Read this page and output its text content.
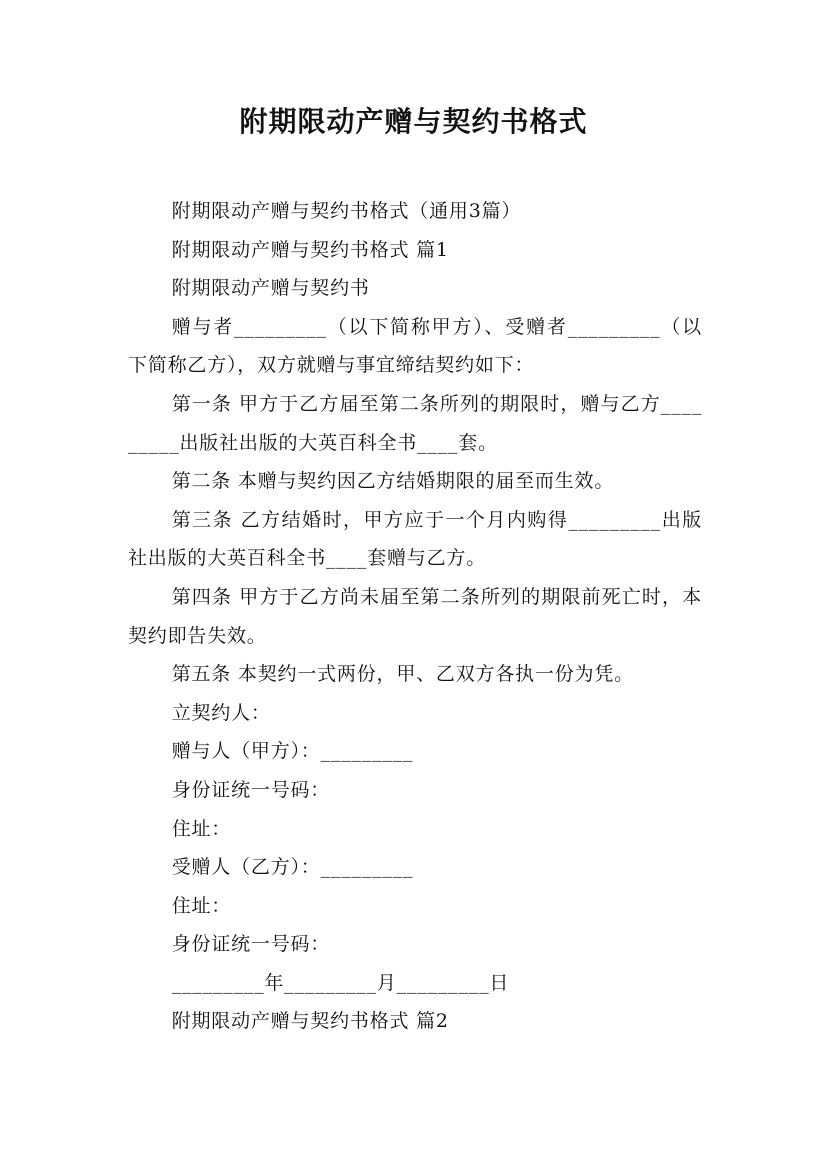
附期限动产赠与契约书格式

附期限动产赠与契约书格式（通用3篇）

附期限动产赠与契约书格式 篇1

附期限动产赠与契约书

赠与者_________（以下简称甲方）、受赠者_________（以下简称乙方），双方就赠与事宜缔结契约如下：

第一条 甲方于乙方届至第二条所列的期限时，赠与乙方_________出版社出版的大英百科全书____套。

第二条 本赠与契约因乙方结婚期限的届至而生效。

第三条 乙方结婚时，甲方应于一个月内购得_________出版社出版的大英百科全书____套赠与乙方。

第四条 甲方于乙方尚未届至第二条所列的期限前死亡时，本契约即告失效。

第五条 本契约一式两份，甲、乙双方各执一份为凭。

立契约人：

赠与人（甲方）：_________

身份证统一号码：

住址：

受赠人（乙方）：_________

住址：

身份证统一号码：

_________年_________月_________日

附期限动产赠与契约书格式 篇2
